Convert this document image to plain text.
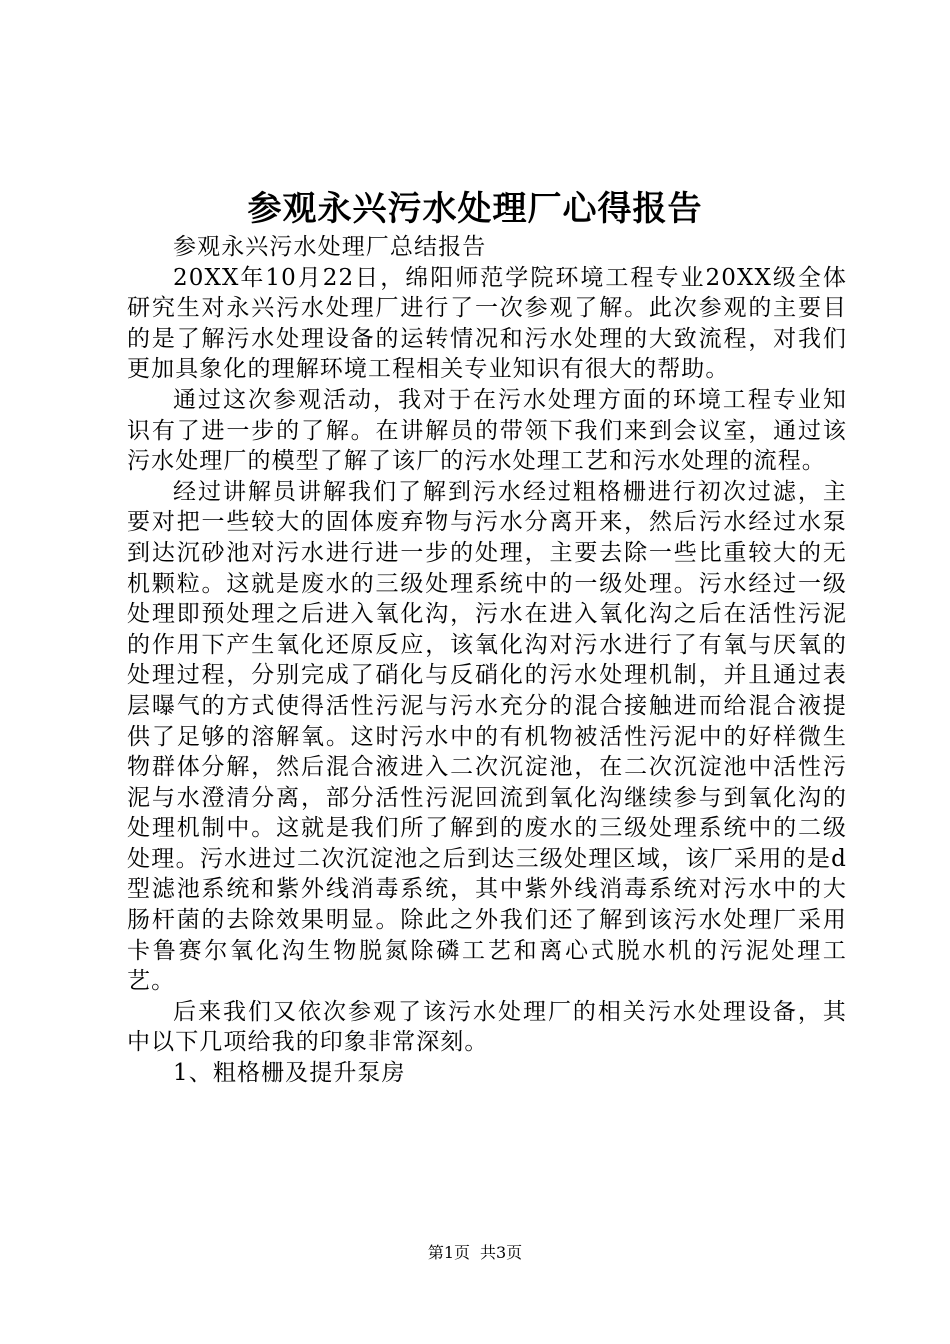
参观永兴污水处理厂心得报告

参观永兴污水处理厂总结报告

20XX年10月22日，绵阳师范学院环境工程专业20XX级全体研究生对永兴污水处理厂进行了一次参观了解。此次参观的主要目的是了解污水处理设备的运转情况和污水处理的大致流程，对我们更加具象化的理解环境工程相关专业知识有很大的帮助。

通过这次参观活动，我对于在污水处理方面的环境工程专业知识有了进一步的了解。在讲解员的带领下我们来到会议室，通过该污水处理厂的模型了解了该厂的污水处理工艺和污水处理的流程。

经过讲解员讲解我们了解到污水经过粗格栅进行初次过滤，主要对把一些较大的固体废弃物与污水分离开来，然后污水经过水泵到达沉砂池对污水进行进一步的处理，主要去除一些比重较大的无机颗粒。这就是废水的三级处理系统中的一级处理。污水经过一级处理即预处理之后进入氧化沟，污水在进入氧化沟之后在活性污泥的作用下产生氧化还原反应，该氧化沟对污水进行了有氧与厌氧的处理过程，分别完成了硝化与反硝化的污水处理机制，并且通过表层曝气的方式使得活性污泥与污水充分的混合接触进而给混合液提供了足够的溶解氧。这时污水中的有机物被活性污泥中的好样微生物群体分解，然后混合液进入二次沉淀池，在二次沉淀池中活性污泥与水澄清分离，部分活性污泥回流到氧化沟继续参与到氧化沟的处理机制中。这就是我们所了解到的废水的三级处理系统中的二级处理。污水进过二次沉淀池之后到达三级处理区域，该厂采用的是d型滤池系统和紫外线消毒系统，其中紫外线消毒系统对污水中的大肠杆菌的去除效果明显。除此之外我们还了解到该污水处理厂采用卡鲁赛尔氧化沟生物脱氮除磷工艺和离心式脱水机的污泥处理工艺。

后来我们又依次参观了该污水处理厂的相关污水处理设备，其中以下几项给我的印象非常深刻。

1、粗格栅及提升泵房

第1页 共3页
